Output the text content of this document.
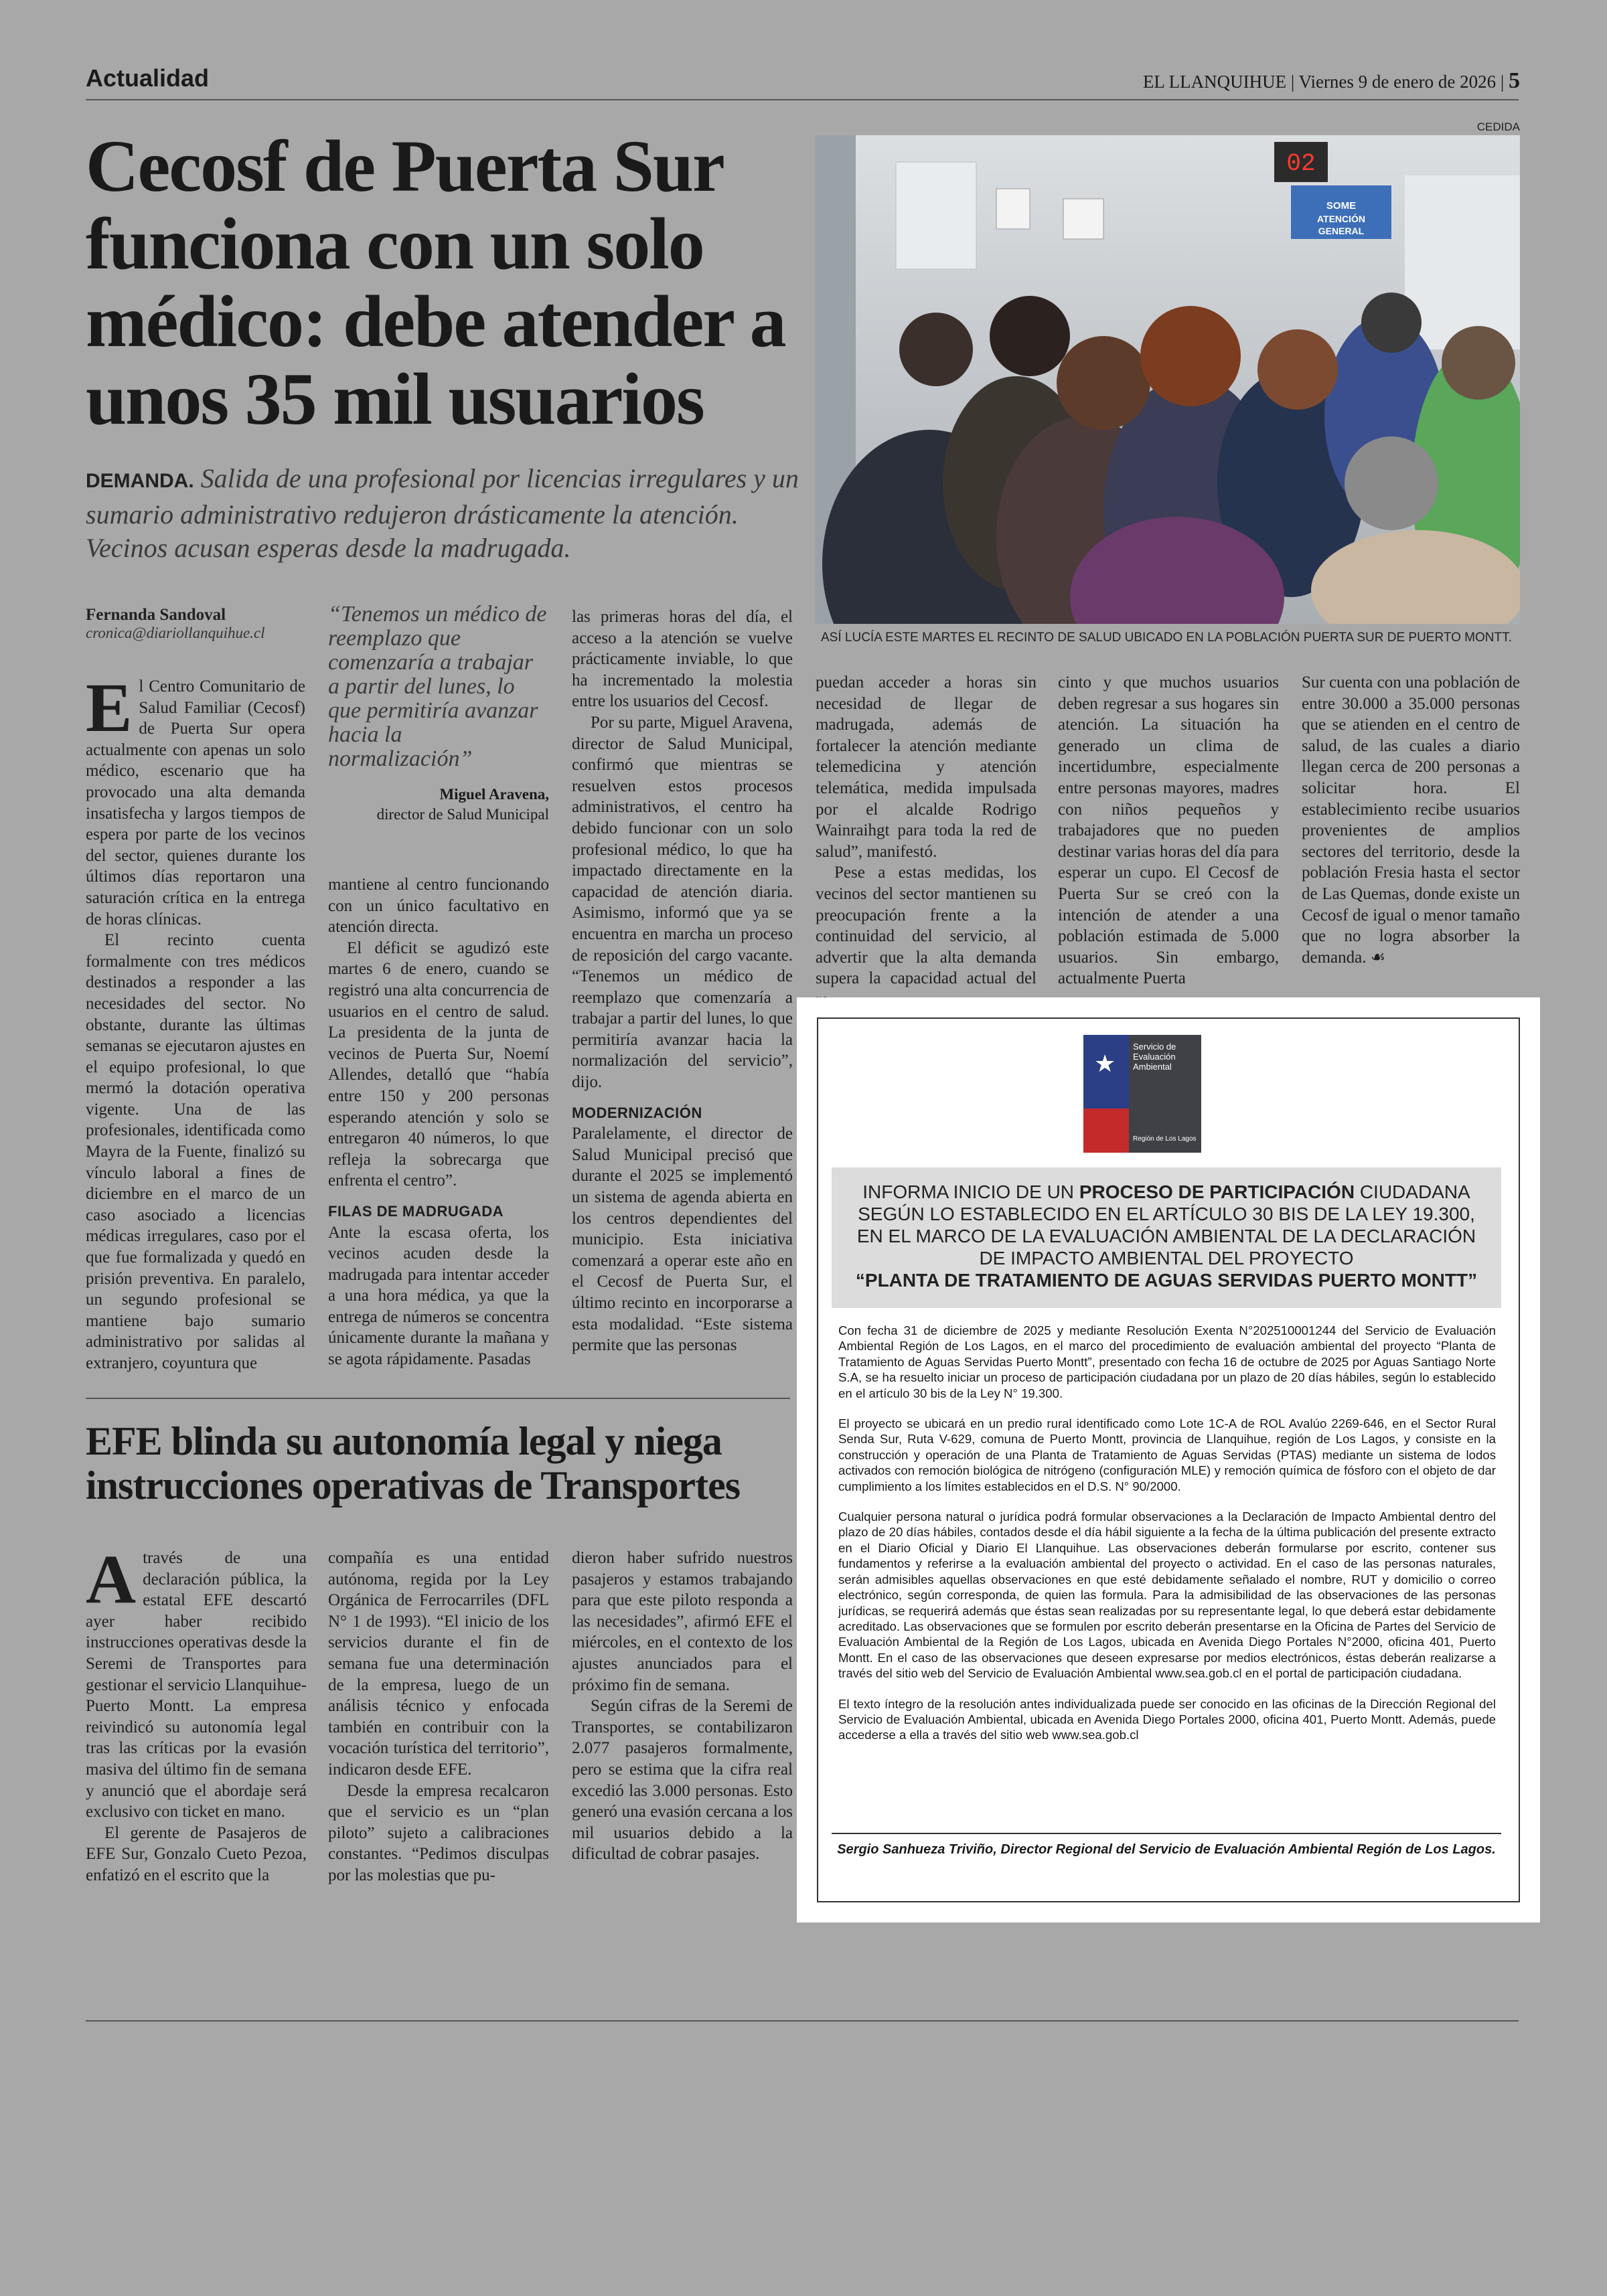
Actualidad	EL LLANQUIHUE | Viernes 9 de enero de 2026 | 5
Cecosf de Puerta Sur funciona con un solo médico: debe atender a unos 35 mil usuarios
DEMANDA. Salida de una profesional por licencias irregulares y un sumario administrativo redujeron drásticamente la atención. Vecinos acusan esperas desde la madrugada.
CEDIDA
02
SOME
ATENCIÓN
GENERAL
ASÍ LUCÍA ESTE MARTES EL RECINTO DE SALUD UBICADO EN LA POBLACIÓN PUERTA SUR DE PUERTO MONTT.
Fernanda Sandoval
cronica@diariollanquihue.cl

El Centro Comunitario de Salud Familiar (Cecosf) de Puerta Sur opera actualmente con apenas un solo médico, escenario que ha provocado una alta demanda insatisfecha y largos tiempos de espera por parte de los vecinos del sector, quienes durante los últimos días reportaron una saturación crítica en la entrega de horas clínicas.

El recinto cuenta formalmente con tres médicos destinados a responder a las necesidades del sector. No obstante, durante las últimas semanas se ejecutaron ajustes en el equipo profesional, lo que mermó la dotación operativa vigente. Una de las profesionales, identificada como Mayra de la Fuente, finalizó su vínculo laboral a fines de diciembre en el marco de un caso asociado a licencias médicas irregulares, caso por el que fue formalizada y quedó en prisión preventiva. En paralelo, un segundo profesional se mantiene bajo sumario administrativo por salidas al extranjero, coyuntura que

“Tenemos un médico de reemplazo que comenzaría a trabajar a partir del lunes, lo que permitiría avanzar hacia la normalización”
Miguel Aravena,
director de Salud Municipal

mantiene al centro funcionando con un único facultativo en atención directa.

El déficit se agudizó este martes 6 de enero, cuando se registró una alta concurrencia de usuarios en el centro de salud. La presidenta de la junta de vecinos de Puerta Sur, Noemí Allendes, detalló que “había entre 150 y 200 personas esperando atención y solo se entregaron 40 números, lo que refleja la sobrecarga que enfrenta el centro”.

FILAS DE MADRUGADA

Ante la escasa oferta, los vecinos acuden desde la madrugada para intentar acceder a una hora médica, ya que la entrega de números se concentra únicamente durante la mañana y se agota rápidamente. Pasadas

las primeras horas del día, el acceso a la atención se vuelve prácticamente inviable, lo que ha incrementado la molestia entre los usuarios del Cecosf.

Por su parte, Miguel Aravena, director de Salud Municipal, confirmó que mientras se resuelven estos procesos administrativos, el centro ha debido funcionar con un solo profesional médico, lo que ha impactado directamente en la capacidad de atención diaria. Asimismo, informó que ya se encuentra en marcha un proceso de reposición del cargo vacante. “Tenemos un médico de reemplazo que comenzaría a trabajar a partir del lunes, lo que permitiría avanzar hacia la normalización del servicio”, dijo.

MODERNIZACIÓN

Paralelamente, el director de Salud Municipal precisó que durante el 2025 se implementó un sistema de agenda abierta en los centros dependientes del municipio. Esta iniciativa comenzará a operar este año en el Cecosf de Puerta Sur, el último recinto en incorporarse a esta modalidad. “Este sistema permite que las personas

puedan acceder a horas sin necesidad de llegar de madrugada, además de fortalecer la atención mediante telemedicina y atención telemática, medida impulsada por el alcalde Rodrigo Wainraihgt para toda la red de salud”, manifestó.

Pese a estas medidas, los vecinos del sector mantienen su preocupación frente a la continuidad del servicio, al advertir que la alta demanda supera la capacidad actual del

cinto y que muchos usuarios deben regresar a sus hogares sin atención. La situación ha generado un clima de incertidumbre, especialmente entre personas mayores, madres con niños pequeños y trabajadores que no pueden destinar varias horas del día para esperar un cupo. El Cecosf de Puerta Sur se creó con la intención de atender a una población estimada de 5.000 usuarios. Sin embargo, actualmente Puerta

Sur cuenta con una población de entre 30.000 a 35.000 personas que se atienden en el centro de salud, de las cuales a diario llegan cerca de 200 personas a solicitar hora. El establecimiento recibe usuarios provenientes de amplios sectores del territorio, desde la población Fresia hasta el sector de Las Quemas, donde existe un Cecosf de igual o menor tamaño que no logra absorber la demanda. ☙

EFE blinda su autonomía legal y niega instrucciones operativas de Transportes

Através de una declaración pública, la estatal EFE descartó ayer haber recibido instrucciones operativas desde la Seremi de Transportes para gestionar el servicio Llanquihue-Puerto Montt. La empresa reivindicó su autonomía legal tras las críticas por la evasión masiva del último fin de semana y anunció que el abordaje será exclusivo con ticket en mano.

El gerente de Pasajeros de EFE Sur, Gonzalo Cueto Pezoa, enfatizó en el escrito que la

compañía es una entidad autónoma, regida por la Ley Orgánica de Ferrocarriles (DFL N° 1 de 1993). “El inicio de los servicios durante el fin de semana fue una determinación de la empresa, luego de un análisis técnico y enfocada también en contribuir con la vocación turística del territorio”, indicaron desde EFE.

Desde la empresa recalcaron que el servicio es un “plan piloto” sujeto a calibraciones constantes. “Pedimos disculpas por las molestias que pu-

dieron haber sufrido nuestros pasajeros y estamos trabajando para que este piloto responda a las necesidades”, afirmó EFE el miércoles, en el contexto de los ajustes anunciados para el próximo fin de semana.

Según cifras de la Seremi de Transportes, se contabilizaron 2.077 pasajeros formalmente, pero se estima que la cifra real excedió las 3.000 personas. Esto generó una evasión cercana a los mil usuarios debido a la dificultad de cobrar pasajes.

★
Servicio de Evaluación Ambiental
Región de Los Lagos
INFORMA INICIO DE UN PROCESO DE PARTICIPACIÓN CIUDADANA
SEGÚN LO ESTABLECIDO EN EL ARTÍCULO 30 BIS DE LA LEY 19.300,
EN EL MARCO DE LA EVALUACIÓN AMBIENTAL DE LA DECLARACIÓN
DE IMPACTO AMBIENTAL DEL PROYECTO
“PLANTA DE TRATAMIENTO DE AGUAS SERVIDAS PUERTO MONTT”

Con fecha 31 de diciembre de 2025 y mediante Resolución Exenta N°202510001244 del Servicio de Evaluación Ambiental Región de Los Lagos, en el marco del procedimiento de evaluación ambiental del proyecto “Planta de Tratamiento de Aguas Servidas Puerto Montt”, presentado con fecha 16 de octubre de 2025 por Aguas Santiago Norte S.A, se ha resuelto iniciar un proceso de participación ciudadana por un plazo de 20 días hábiles, según lo establecido en el artículo 30 bis de la Ley N° 19.300.

El proyecto se ubicará en un predio rural identificado como Lote 1C-A de ROL Avalúo 2269-646, en el Sector Rural Senda Sur, Ruta V-629, comuna de Puerto Montt, provincia de Llanquihue, región de Los Lagos, y consiste en la construcción y operación de una Planta de Tratamiento de Aguas Servidas (PTAS) mediante un sistema de lodos activados con remoción biológica de nitrógeno (configuración MLE) y remoción química de fósforo con el objeto de dar cumplimiento a los límites establecidos en el D.S. N° 90/2000.

Cualquier persona natural o jurídica podrá formular observaciones a la Declaración de Impacto Ambiental dentro del plazo de 20 días hábiles, contados desde el día hábil siguiente a la fecha de la última publicación del presente extracto en el Diario Oficial y Diario El Llanquihue. Las observaciones deberán formularse por escrito, contener sus fundamentos y referirse a la evaluación ambiental del proyecto o actividad. En el caso de las personas naturales, serán admisibles aquellas observaciones en que esté debidamente señalado el nombre, RUT y domicilio o correo electrónico, según corresponda, de quien las formula. Para la admisibilidad de las observaciones de las personas jurídicas, se requerirá además que éstas sean realizadas por su representante legal, lo que deberá estar debidamente acreditado. Las observaciones que se formulen por escrito deberán presentarse en la Oficina de Partes del Servicio de Evaluación Ambiental de la Región de Los Lagos, ubicada en Avenida Diego Portales N°2000, oficina 401, Puerto Montt. En el caso de las observaciones que deseen expresarse por medios electrónicos, éstas deberán realizarse a través del sitio web del Servicio de Evaluación Ambiental www.sea.gob.cl en el portal de participación ciudadana.

El texto íntegro de la resolución antes individualizada puede ser conocido en las oficinas de la Dirección Regional del Servicio de Evaluación Ambiental, ubicada en Avenida Diego Portales 2000, oficina 401, Puerto Montt. Además, puede accederse a ella a través del sitio web www.sea.gob.cl

Sergio Sanhueza Triviño, Director Regional del Servicio de Evaluación Ambiental Región de Los Lagos.
